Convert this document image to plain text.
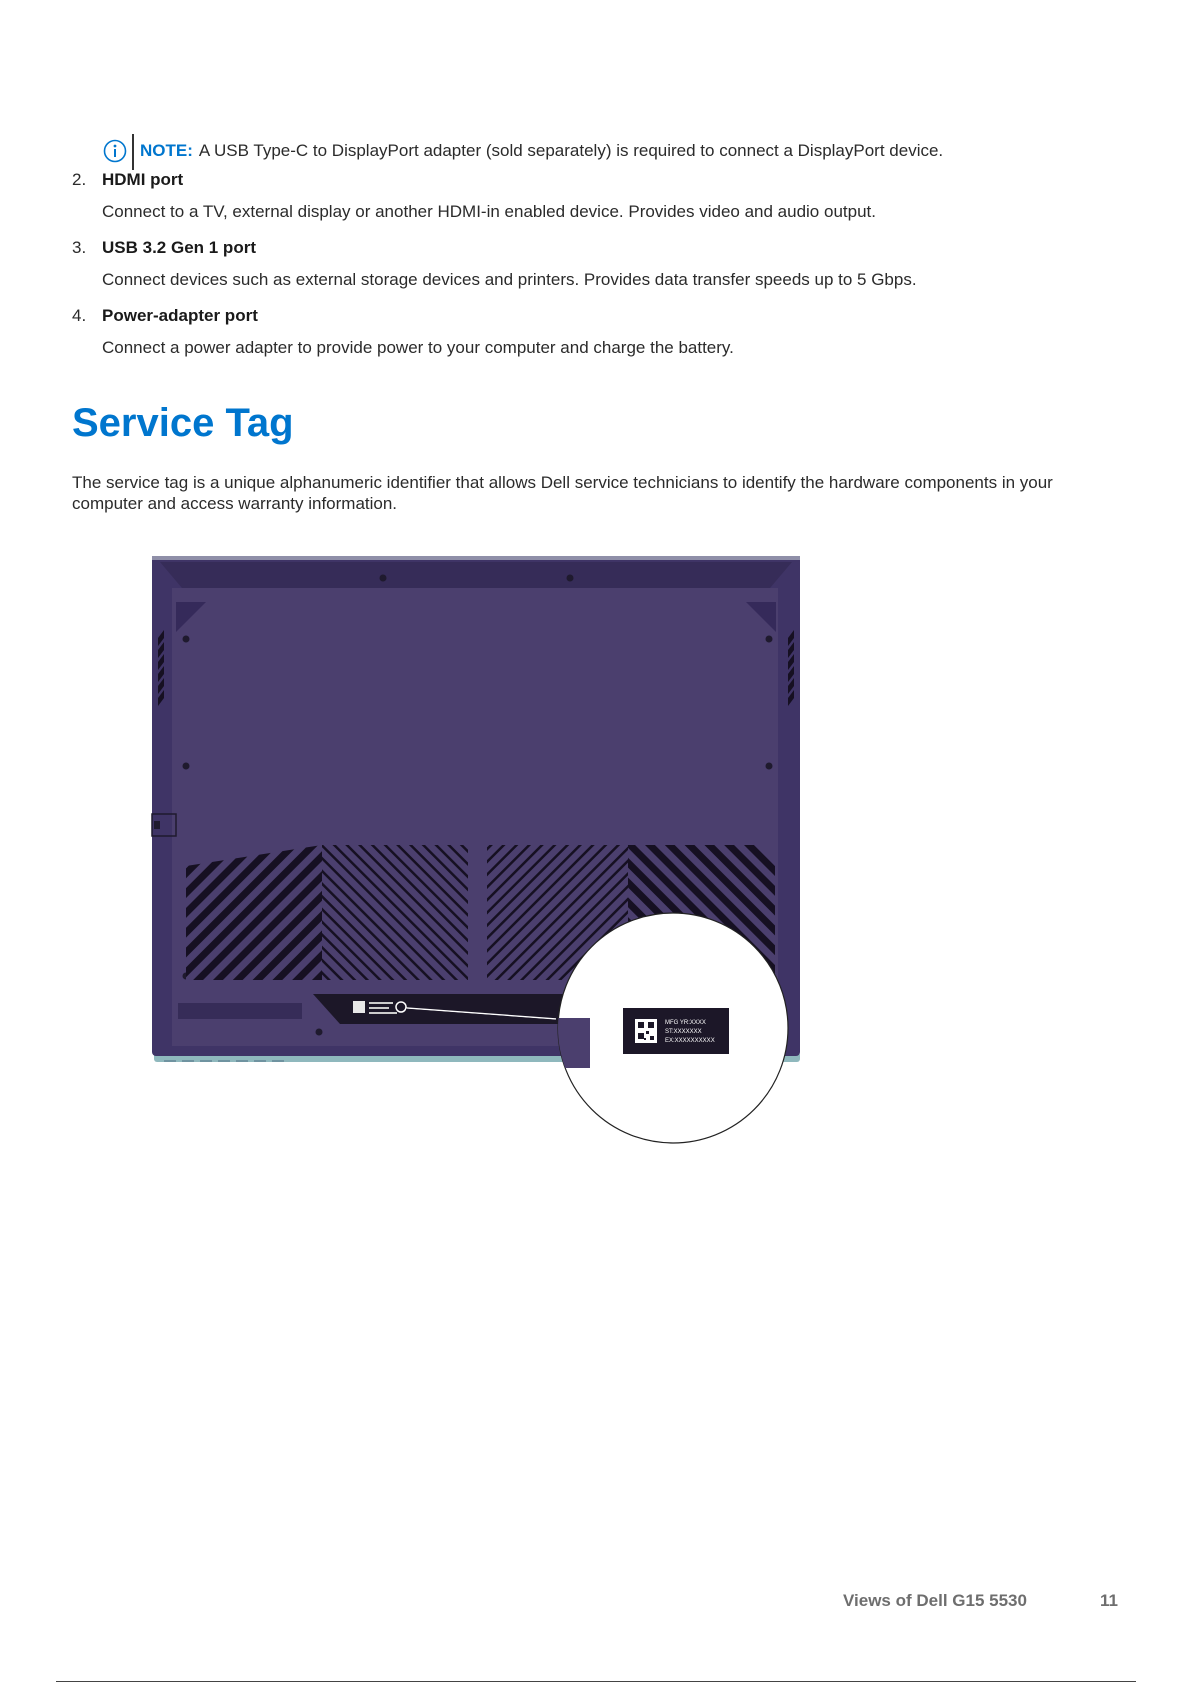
NOTE: A USB Type-C to DisplayPort adapter (sold separately) is required to connect a DisplayPort device.
2. HDMI port
Connect to a TV, external display or another HDMI-in enabled device. Provides video and audio output.
3. USB 3.2 Gen 1 port
Connect devices such as external storage devices and printers. Provides data transfer speeds up to 5 Gbps.
4. Power-adapter port
Connect a power adapter to provide power to your computer and charge the battery.
Service Tag

The service tag is a unique alphanumeric identifier that allows Dell service technicians to identify the hardware components in your computer and access warranty information.

MFG YR:XXXX
ST:XXXXXXX
EX:XXXXXXXXXX
Views of Dell G15 5530	11
